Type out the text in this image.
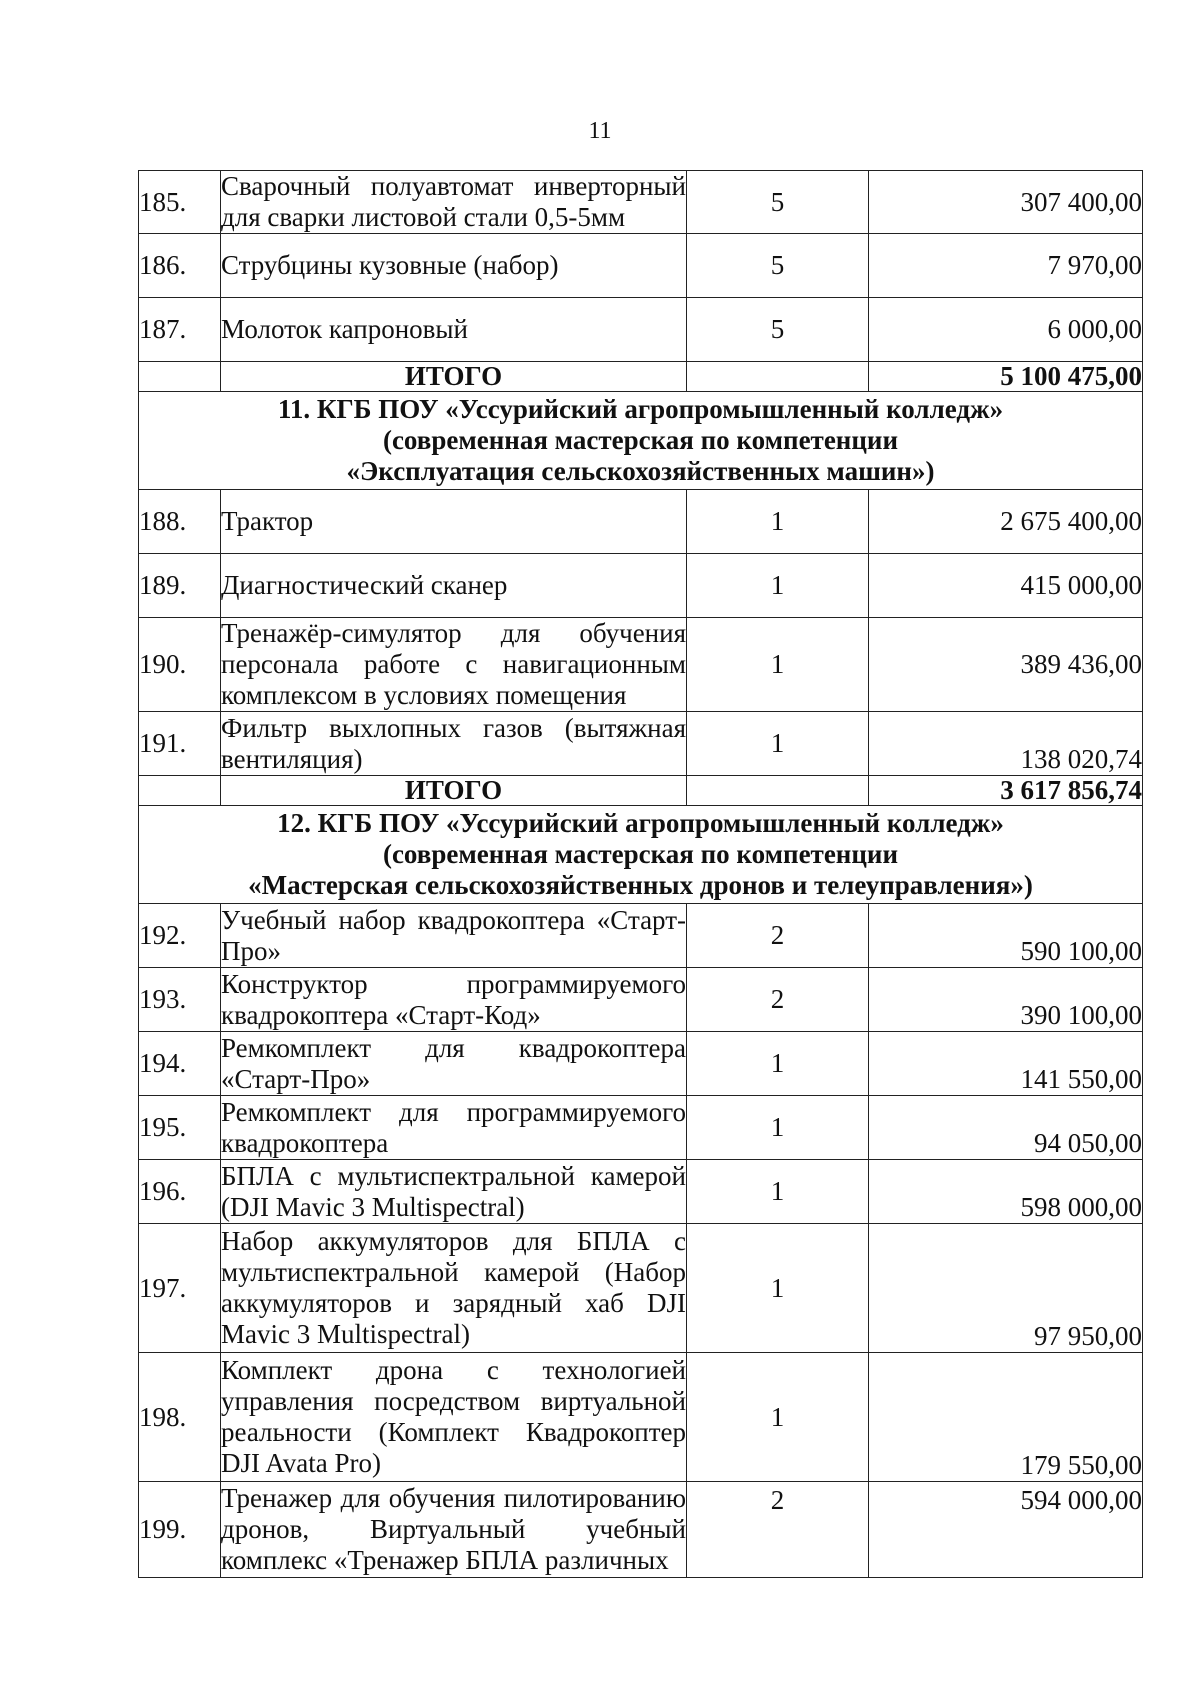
11
185.	Сварочный полуавтомат инверторный для сварки листовой стали 0,5-5мм	5	307 400,00
186.	Струбцины кузовные (набор)	5	7 970,00
187.	Молоток капроновый	5	6 000,00
	ИТОГО		5 100 475,00

11. КГБ ПОУ «Уссурийский агропромышленный колледж»
(современная мастерская по компетенции
«Эксплуатация сельскохозяйственных машин»)			

188.	Трактор	1	2 675 400,00
189.	Диагностический сканер	1	415 000,00
190.	Тренажёр-симулятор для обучения персонала работе с навигационным комплексом в условиях помещения	1	389 436,00
191.	Фильтр выхлопных газов (вытяжная вентиляция)	1	138 020,74
	ИТОГО		3 617 856,74

12. КГБ ПОУ «Уссурийский агропромышленный колледж»
(современная мастерская по компетенции
«Мастерская сельскохозяйственных дронов и телеуправления»)			

192.	Учебный набор квадрокоптера «Старт-Про»	2	590 100,00
193.	Конструктор программируемого квадрокоптера «Старт-Код»	2	390 100,00
194.	Ремкомплект для квадрокоптера «Старт-Про»	1	141 550,00
195.	Ремкомплект для программируемого квадрокоптера	1	94 050,00
196.	БПЛА с мультиспектральной камерой (DJI Mavic 3 Multispectral)	1	598 000,00
197.	Набор аккумуляторов для БПЛА с мультиспектральной камерой (Набор аккумуляторов и зарядный хаб DJI Mavic 3 Multispectral)	1	97 950,00
198.	Комплект дрона с технологией управления посредством виртуальной реальности (Комплект Квадрокоптер DJI Avata Pro)	1	179 550,00
199.	Тренажер для обучения пилотированию дронов, Виртуальный учебный комплекс «Тренажер БПЛА различных	2	594 000,00
